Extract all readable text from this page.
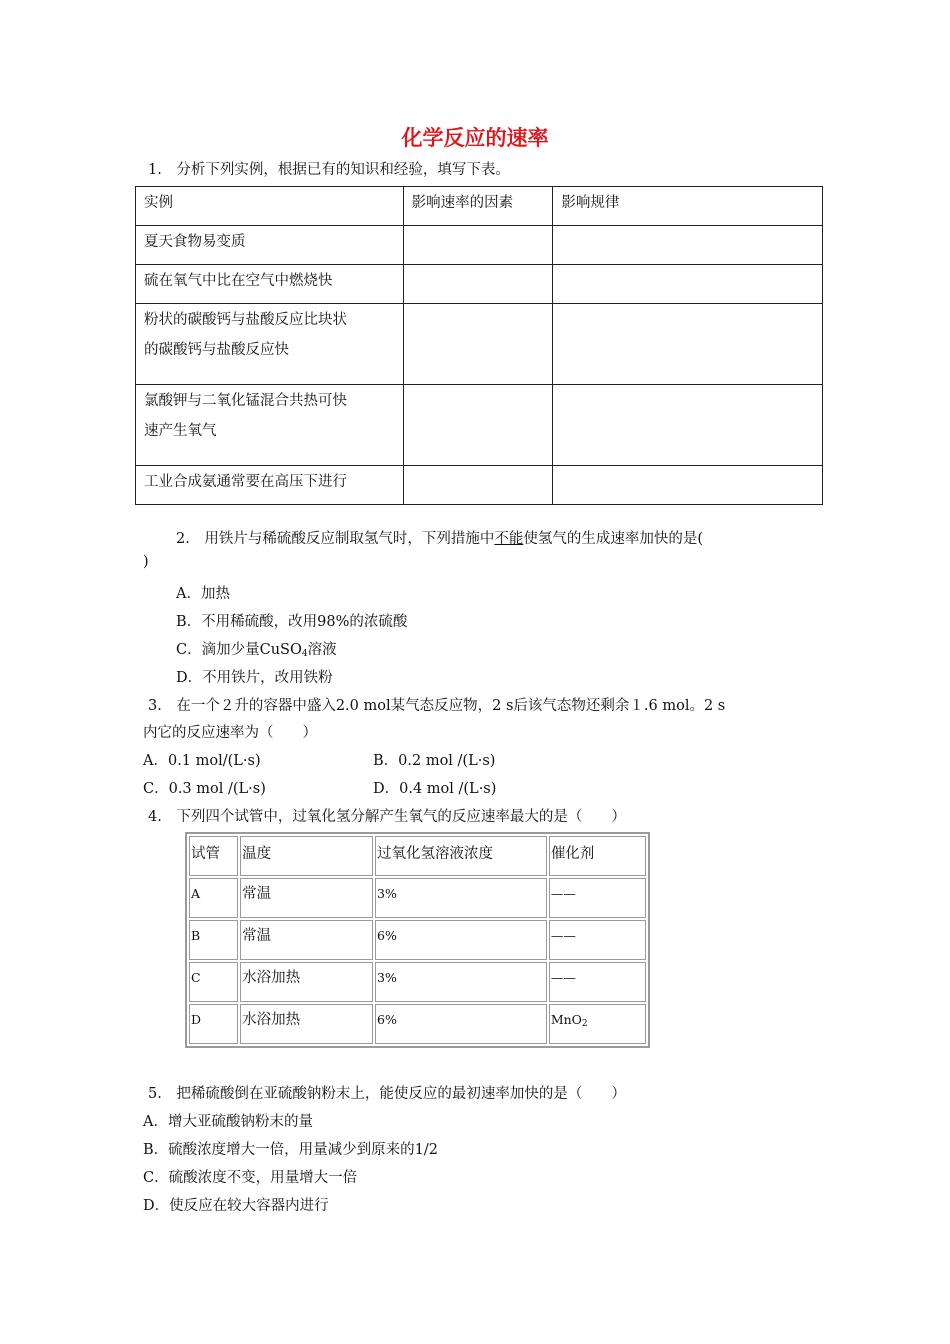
化学反应的速率
1.　分析下列实例，根据已有的知识和经验，填写下表。
实例	影响速率的因素	影响规律
夏天食物易变质		
硫在氧气中比在空气中燃烧快		

粉状的碳酸钙与盐酸反应比块状
的碳酸钙与盐酸反应快		

氯酸钾与二氧化锰混合共热可快
速产生氧气		

工业合成氨通常要在高压下进行		
2.　用铁片与稀硫酸反应制取氢气时，下列措施中不能使氢气的生成速率加快的是(
)
A．加热
B．不用稀硫酸，改用98%的浓硫酸
C．滴加少量CuSO$_4$溶液
D．不用铁片，改用铁粉
3.　在一个２升的容器中盛入2.0 mol某气态反应物，2 s后该气态物还剩余１.6 mol。2 s
内它的反应速率为（　　）
A．0.1 mol/(L·s)	B．0.2 mol /(L·s)
C．0.3 mol /(L·s)	D．0.4 mol /(L·s)
4.　下列四个试管中，过氧化氢分解产生氧气的反应速率最大的是（　　）
试管	温度	过氧化氢溶液浓度	催化剂
A	常温	3%	——
B	常温	6%	——
C	水浴加热	3%	——
D	水浴加热	6%	MnO$_2$
5.　把稀硫酸倒在亚硫酸钠粉末上，能使反应的最初速率加快的是（　　）
A．增大亚硫酸钠粉末的量
B．硫酸浓度增大一倍，用量减少到原来的1/2
C．硫酸浓度不变，用量增大一倍
D．使反应在较大容器内进行
